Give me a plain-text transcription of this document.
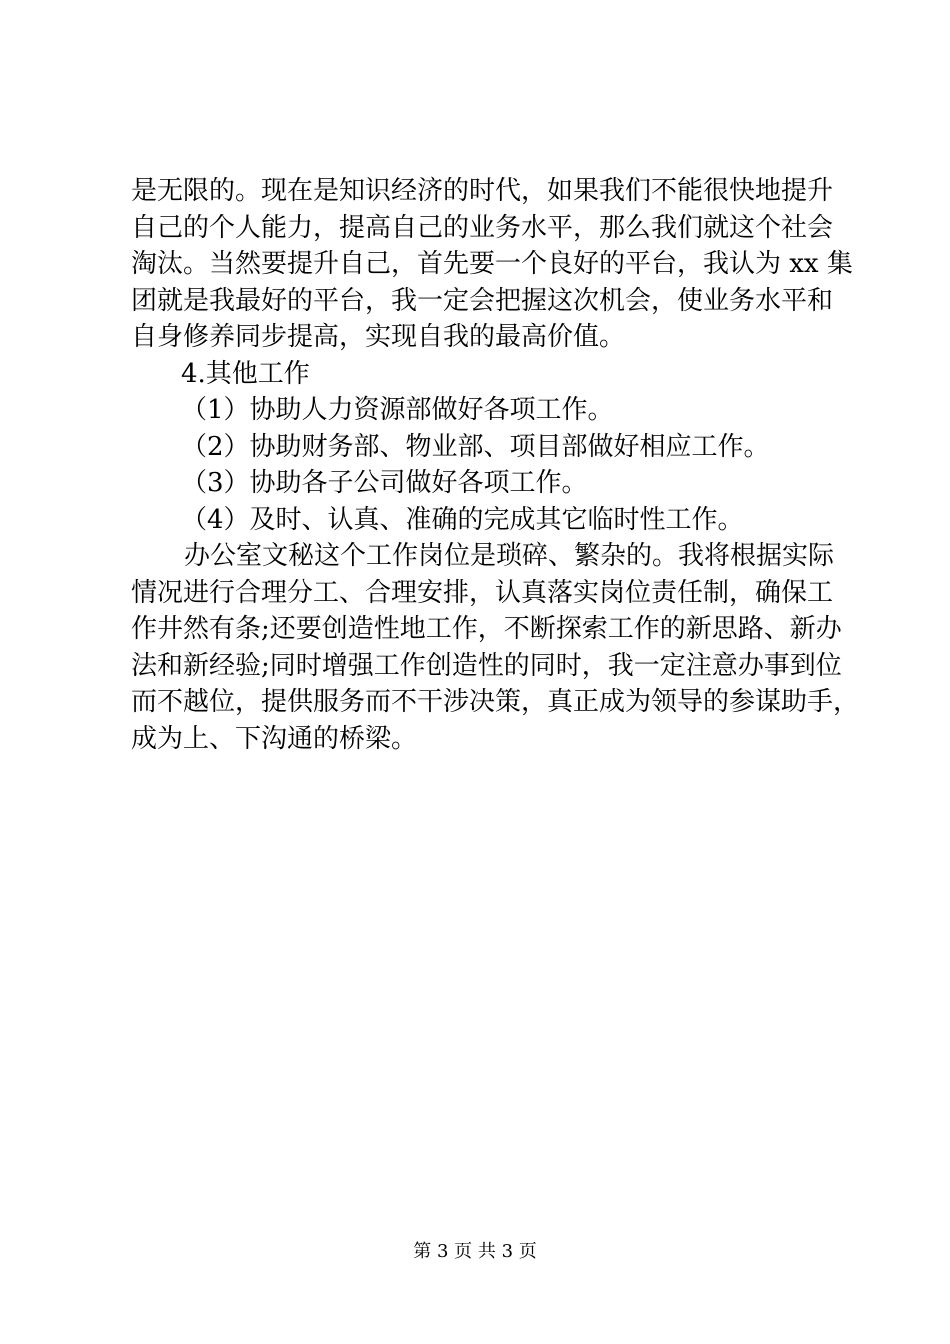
是无限的。现在是知识经济的时代，如果我们不能很快地提升
自己的个人能力，提高自己的业务水平，那么我们就这个社会
淘汰。当然要提升自己，首先要一个良好的平台，我认为 xx 集
团就是我最好的平台，我一定会把握这次机会，使业务水平和
自身修养同步提高，实现自我的最高价值。
4.其他工作
（1）协助人力资源部做好各项工作。
（2）协助财务部、物业部、项目部做好相应工作。
（3）协助各子公司做好各项工作。
（4）及时、认真、准确的完成其它临时性工作。
办公室文秘这个工作岗位是琐碎、繁杂的。我将根据实际
情况进行合理分工、合理安排，认真落实岗位责任制，确保工
作井然有条;还要创造性地工作，不断探索工作的新思路、新办
法和新经验;同时增强工作创造性的同时，我一定注意办事到位
而不越位，提供服务而不干涉决策，真正成为领导的参谋助手，
成为上、下沟通的桥梁。
第 3 页 共 3 页
